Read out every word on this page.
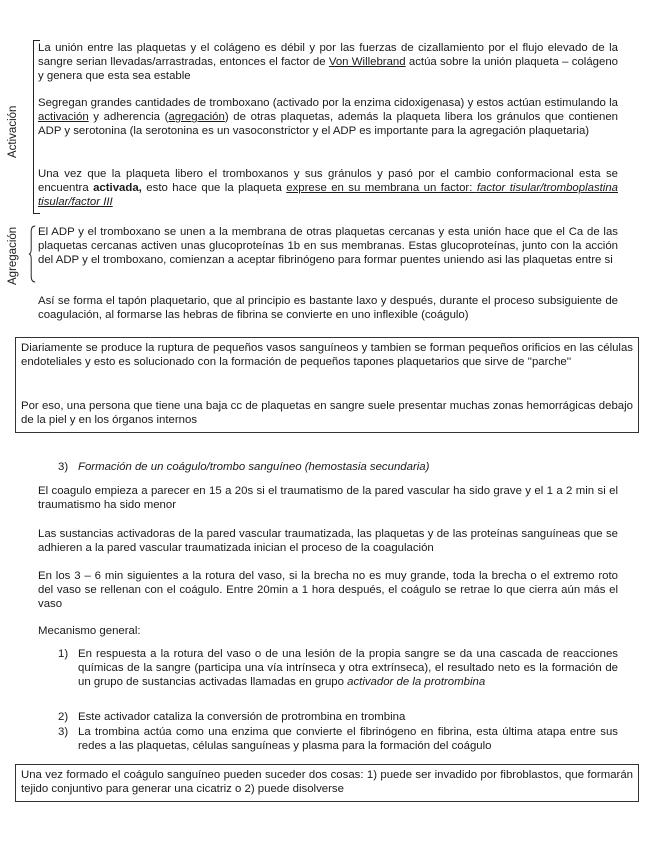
Activación
Agregación

La unión entre las plaquetas y el colágeno es débil y por las fuerzas de cizallamiento por el flujo elevado de la sangre serian llevadas/arrastradas, entonces el factor de Von Willebrand actúa sobre la unión plaqueta – colágeno y genera que esta sea estable

Segregan grandes cantidades de tromboxano (activado por la enzima cidoxigenasa) y estos actúan estimulando la activación y adherencia (agregación) de otras plaquetas, además la plaqueta libera los gránulos que contienen ADP y serotonina (la serotonina es un vasoconstrictor y el ADP es importante para la agregación plaquetaria)

Una vez que la plaqueta libero el tromboxanos y sus gránulos y pasó por el cambio conformacional esta se encuentra activada, esto hace que la plaqueta exprese en su membrana un factor: factor tisular/tromboplastina tisular/factor III

El ADP y el tromboxano se unen a la membrana de otras plaquetas cercanas y esta unión hace que el Ca de las plaquetas cercanas activen unas glucoproteínas 1b en sus membranas. Estas glucoproteínas, junto con la acción del ADP y el tromboxano, comienzan a aceptar fibrinógeno para formar puentes uniendo asi las plaquetas entre si

Así se forma el tapón plaquetario, que al principio es bastante laxo y después, durante el proceso subsiguiente de coagulación, al formarse las hebras de fibrina se convierte en uno inflexible (coágulo)

Diariamente se produce la ruptura de pequeños vasos sanguíneos y tambien se forman pequeños orificios en las células endoteliales y esto es solucionado con la formación de pequeños tapones plaquetarios que sirve de ''parche''

Por eso, una persona que tiene una baja cc de plaquetas en sangre suele presentar muchas zonas hemorrágicas debajo de la piel y en los órganos internos

3) Formación de un coágulo/trombo sanguíneo (hemostasia secundaria)

El coagulo empieza a parecer en 15 a 20s si el traumatismo de la pared vascular ha sido grave y el 1 a 2 min si el traumatismo ha sido menor

Las sustancias activadoras de la pared vascular traumatizada, las plaquetas y de las proteínas sanguíneas que se adhieren a la pared vascular traumatizada inician el proceso de la coagulación

En los 3 – 6 min siguientes a la rotura del vaso, si la brecha no es muy grande, toda la brecha o el extremo roto del vaso se rellenan con el coágulo. Entre 20min a 1 hora después, el coágulo se retrae lo que cierra aún más el vaso

Mecanismo general:

1) En respuesta a la rotura del vaso o de una lesión de la propia sangre se da una cascada de reacciones químicas de la sangre (participa una vía intrínseca y otra extrínseca), el resultado neto es la formación de un grupo de sustancias activadas llamadas en grupo activador de la protrombina

2) Este activador cataliza la conversión de protrombina en trombina

3) La trombina actúa como una enzima que convierte el fibrinógeno en fibrina, esta última atapa entre sus redes a las plaquetas, células sanguíneas y plasma para la formación del coágulo

Una vez formado el coágulo sanguíneo pueden suceder dos cosas: 1) puede ser invadido por fibroblastos, que formarán tejido conjuntivo para generar una cicatriz o 2) puede disolverse
